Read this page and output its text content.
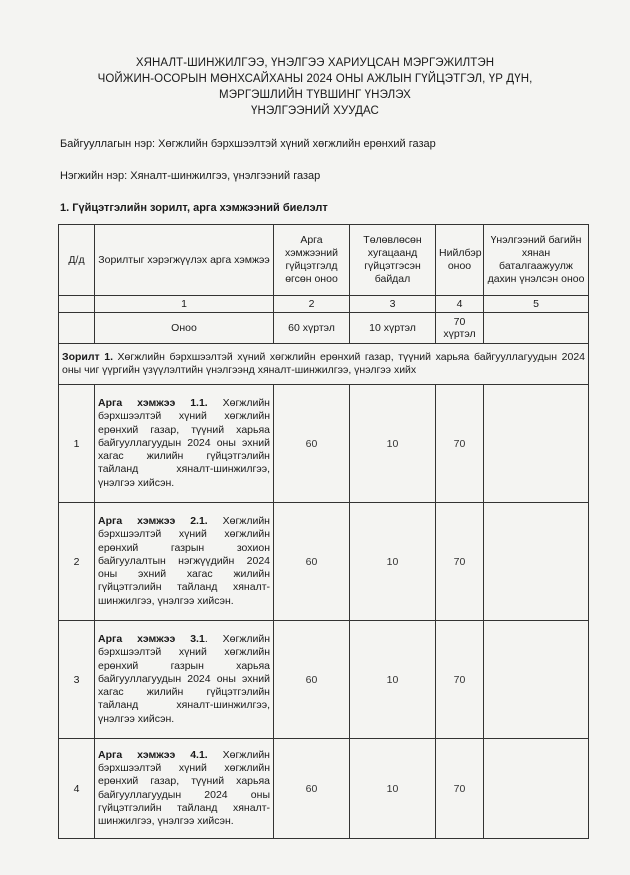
ХЯНАЛТ-ШИНЖИЛГЭЭ, ҮНЭЛГЭЭ ХАРИУЦСАН МЭРГЭЖИЛТЭН
ЧОЙЖИН-ОСОРЫН МӨНХСАЙХАНЫ 2024 ОНЫ АЖЛЫН ГҮЙЦЭТГЭЛ, ҮР ДҮН,
МЭРГЭШЛИЙН ТҮВШИНГ ҮНЭЛЭХ
ҮНЭЛГЭЭНИЙ ХУУДАС
Байгууллагын нэр: Хөгжлийн бэрхшээлтэй хүний хөгжлийн ерөнхий газар
Нэгжийн нэр: Хяналт-шинжилгээ, үнэлгээний газар
1. Гүйцэтгэлийн зорилт, арга хэмжээний биелэлт
Д/д	Зорилтыг хэрэгжүүлэх арга хэмжээ	Арга хэмжээний гүйцэтгэлд өгсөн оноо	Төлөвлөсөн хугацаанд гүйцэтгэсэн байдал	Нийлбэр оноо	Үнэлгээний багийн хянан баталгаажуулж дахин үнэлсэн оноо
	1	2	3	4	5
	Оноо	60 хүртэл	10 хүртэл	70 хүртэл	
Зорилт 1. Хөгжлийн бэрхшээлтэй хүний хөгжлийн ерөнхий газар, түүний харьяа байгууллагуудын 2024 оны чиг үүргийн үзүүлэлтийн үнэлгээнд хяналт-шинжилгээ, үнэлгээ хийх					
1	Арга хэмжээ 1.1. Хөгжлийн бэрхшээлтэй хүний хөгжлийн ерөнхий газар, түүний харьяа байгууллагуудын 2024 оны эхний хагас жилийн гүйцэтгэлийн тайланд хяналт-шинжилгээ, үнэлгээ хийсэн.	60	10	70	
2	Арга хэмжээ 2.1. Хөгжлийн бэрхшээлтэй хүний хөгжлийн ерөнхий газрын зохион байгуулалтын нэгжүүдийн 2024 оны эхний хагас жилийн гүйцэтгэлийн тайланд хяналт-шинжилгээ, үнэлгээ хийсэн.	60	10	70	
3	Арга хэмжээ 3.1. Хөгжлийн бэрхшээлтэй хүний хөгжлийн ерөнхий газрын харьяа байгууллагуудын 2024 оны эхний хагас жилийн гүйцэтгэлийн тайланд хяналт-шинжилгээ, үнэлгээ хийсэн.	60	10	70	
4	Арга хэмжээ 4.1. Хөгжлийн бэрхшээлтэй хүний хөгжлийн ерөнхий газар, түүний харьяа байгууллагуудын 2024 оны гүйцэтгэлийн тайланд хяналт-шинжилгээ, үнэлгээ хийсэн.	60	10	70	
